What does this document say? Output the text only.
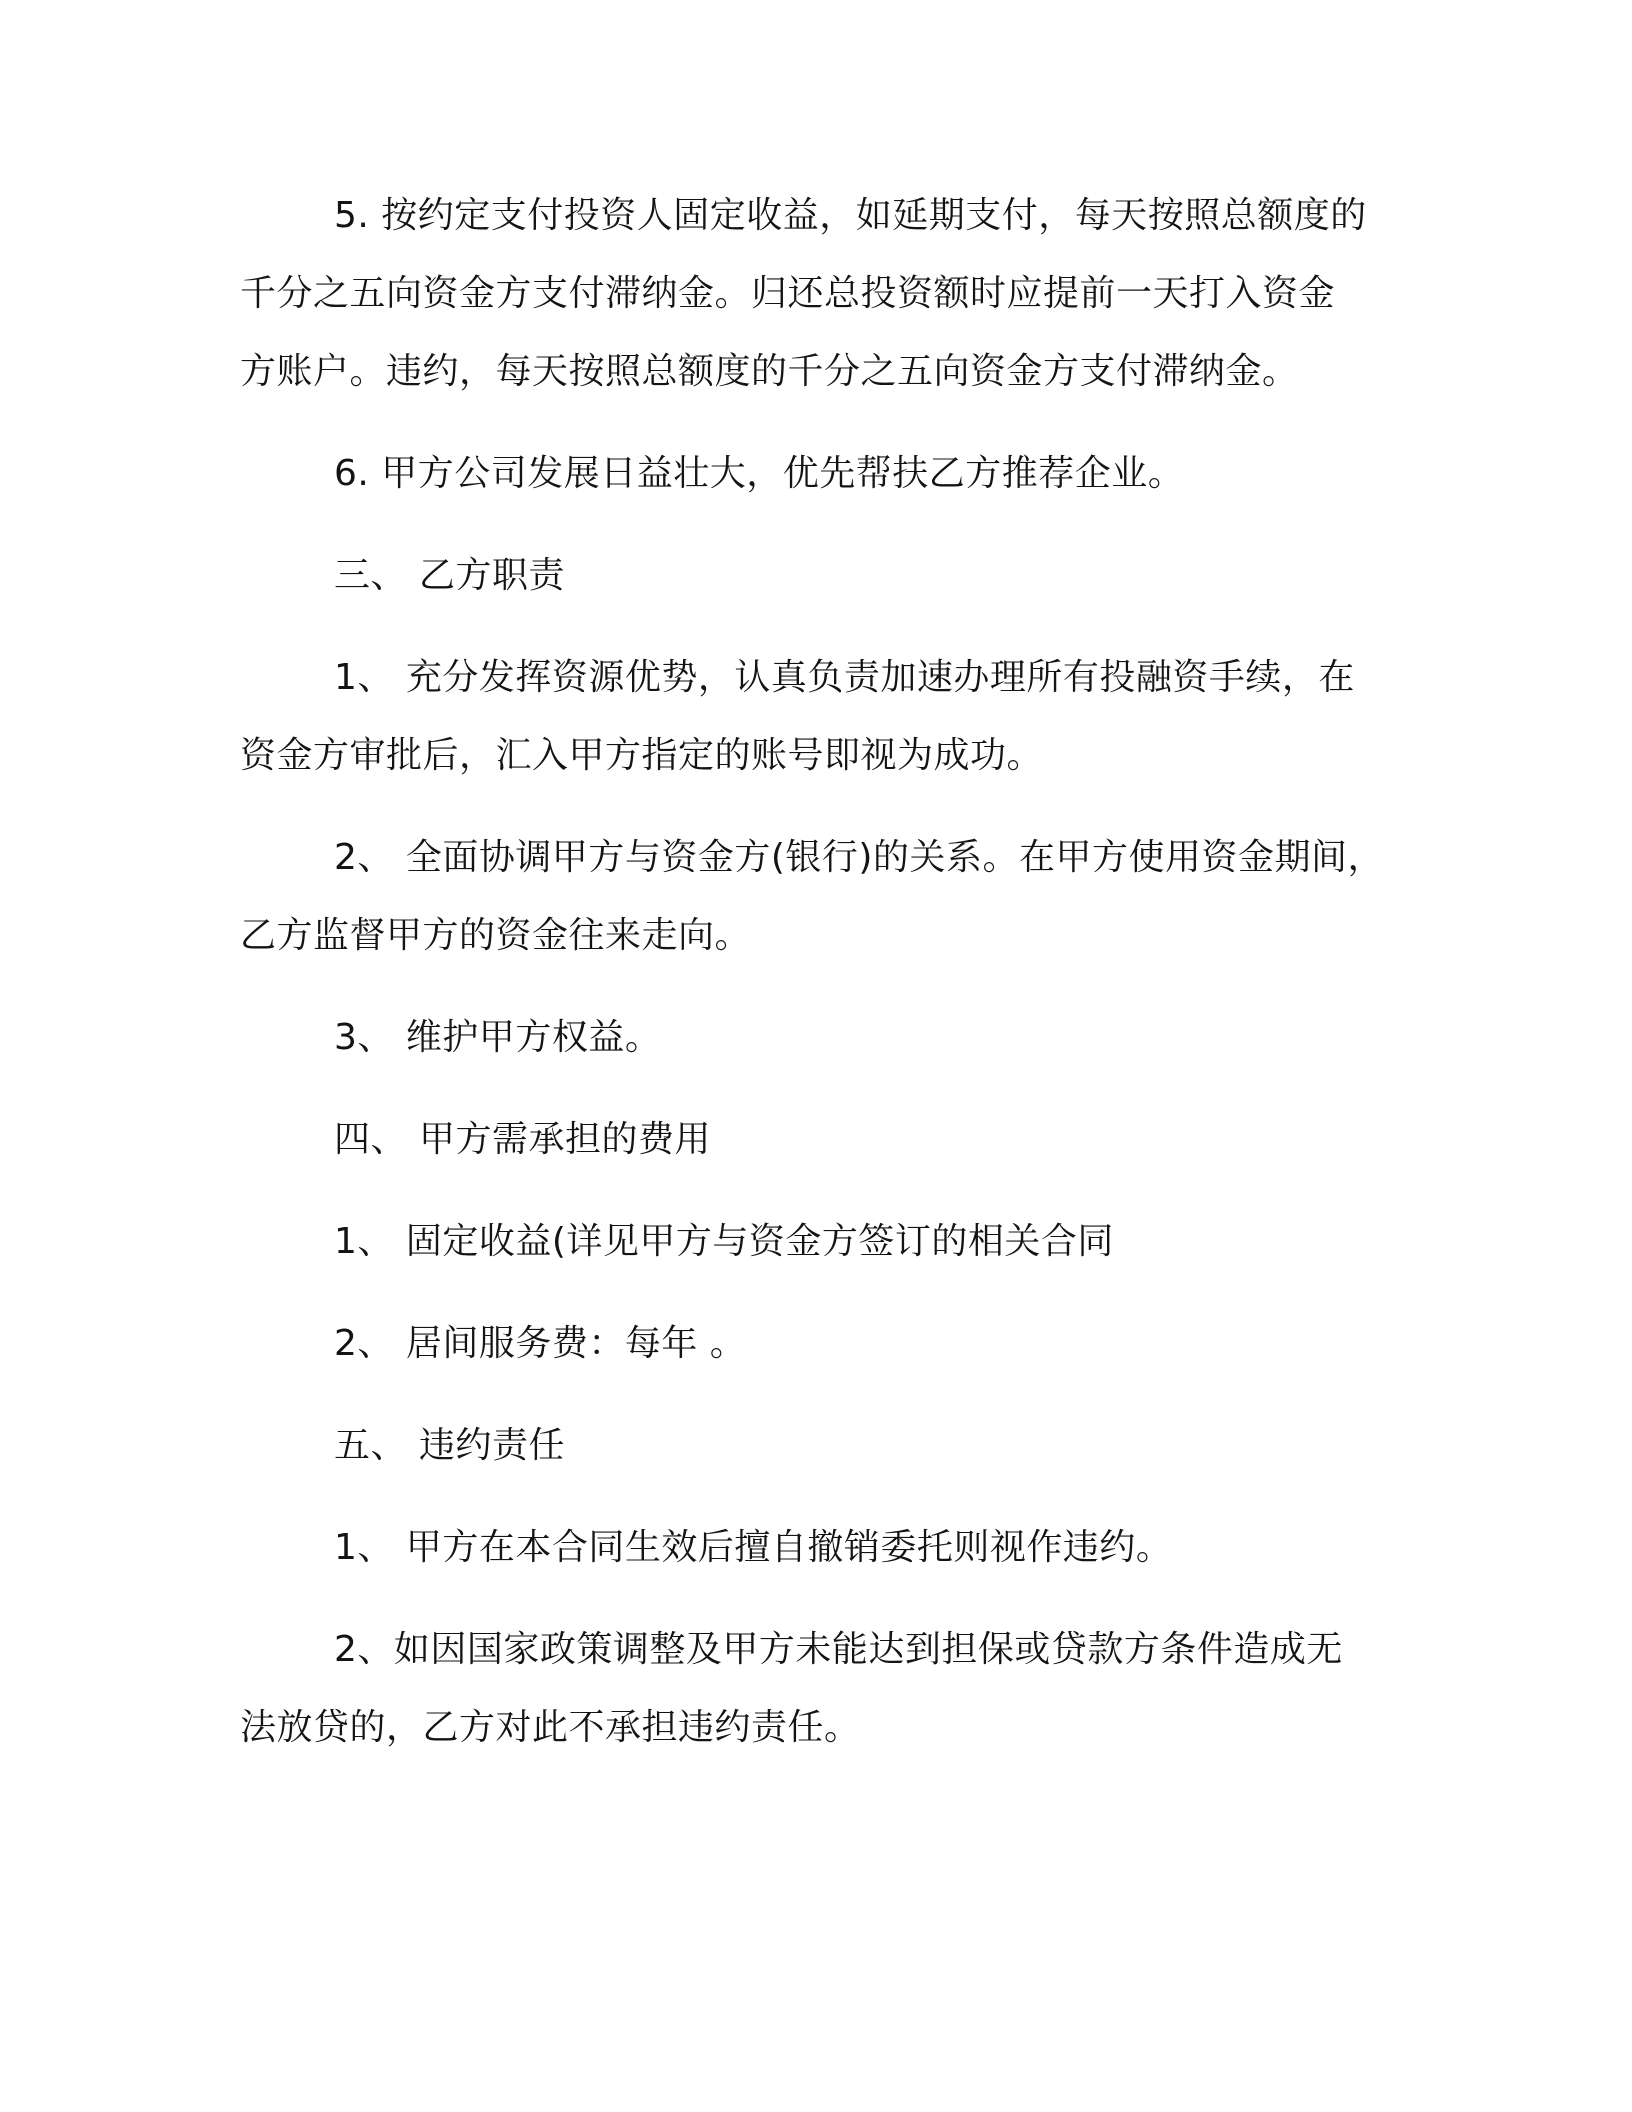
5. 按约定支付投资人固定收益，如延期支付，每天按照总额度的
千分之五向资金方支付滞纳金。归还总投资额时应提前一天打入资金
方账户。违约，每天按照总额度的千分之五向资金方支付滞纳金。
6. 甲方公司发展日益壮大，优先帮扶乙方推荐企业。
三、 乙方职责
1、 充分发挥资源优势，认真负责加速办理所有投融资手续，在
资金方审批后，汇入甲方指定的账号即视为成功。
2、 全面协调甲方与资金方(银行)的关系。在甲方使用资金期间，
乙方监督甲方的资金往来走向。
3、 维护甲方权益。
四、 甲方需承担的费用
1、 固定收益(详见甲方与资金方签订的相关合同
2、 居间服务费：每年 。
五、 违约责任
1、 甲方在本合同生效后擅自撤销委托则视作违约。
2、如因国家政策调整及甲方未能达到担保或贷款方条件造成无
法放贷的，乙方对此不承担违约责任。
